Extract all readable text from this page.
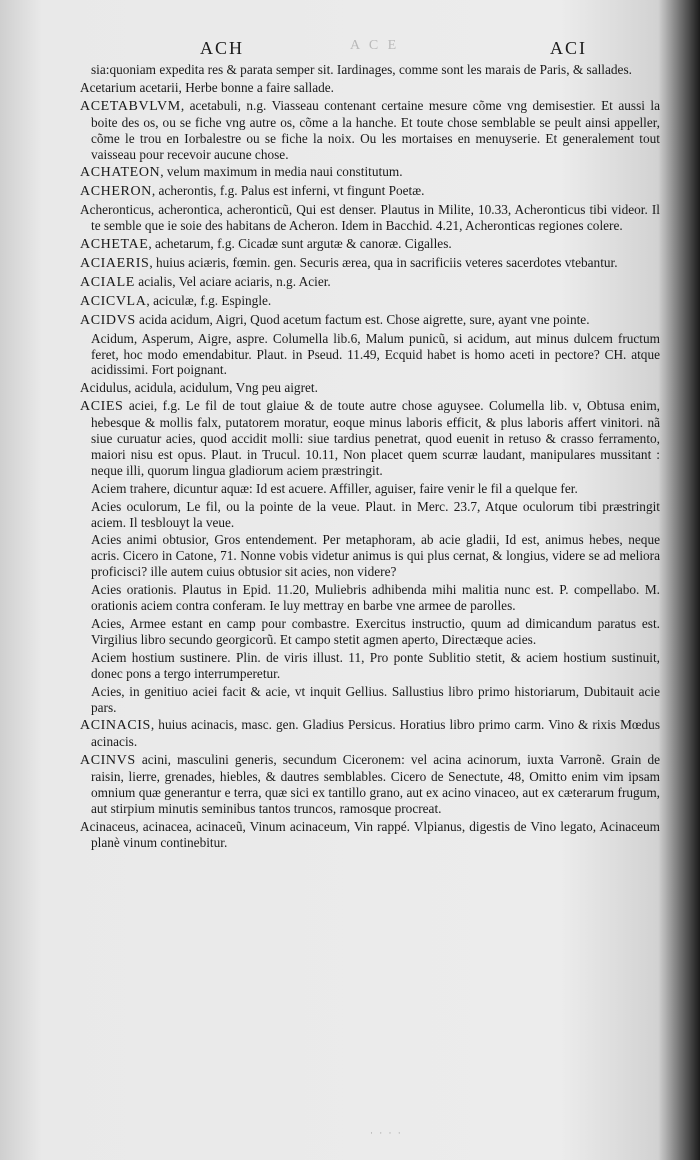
ACH	A C E	ACI

sia:quoniam expedita res & parata semper sit. Iardinages, comme sont les marais de Paris, & sallades.

Acetarium acetarii, Herbe bonne a faire sallade.

ACETABVLVM, acetabuli, n.g. Viasseau contenant certaine mesure cõme vng demisestier. Et aussi la boite des os, ou se fiche vng autre os, cõme a la hanche. Et toute chose semblable se peult ainsi appeller, cõme le trou en Iorbalestre ou se fiche la noix. Ou les mortaises en menuyserie. Et generalement tout vaisseau pour recevoir aucune chose.

ACHATEON, velum maximum in media naui constitutum.

ACHERON, acherontis, f.g. Palus est inferni, vt fingunt Poetæ.

Acheronticus, acherontica, acheronticũ, Qui est denser. Plautus in Milite, 10.33, Acheronticus tibi videor. Il te semble que ie soie des habitans de Acheron. Idem in Bacchid. 4.21, Acheronticas regiones colere.

ACHETAE, achetarum, f.g. Cicadæ sunt argutæ & canoræ. Cigalles.

ACIAERIS, huius aciæris, fœmin. gen. Securis ærea, qua in sacrificiis veteres sacerdotes vtebantur.

ACIALE acialis, Vel aciare aciaris, n.g. Acier.

ACICVLA, aciculæ, f.g. Espingle.

ACIDVS acida acidum, Aigri, Quod acetum factum est. Chose aigrette, sure, ayant vne pointe.

Acidum, Asperum, Aigre, aspre. Columella lib.6, Malum punicũ, si acidum, aut minus dulcem fructum feret, hoc modo emendabitur. Plaut. in Pseud. 11.49, Ecquid habet is homo aceti in pectore? CH. atque acidissimi. Fort poignant.

Acidulus, acidula, acidulum, Vng peu aigret.

ACIES aciei, f.g. Le fil de tout glaiue & de toute autre chose aguysee. Columella lib. v, Obtusa enim, hebesque & mollis falx, putatorem moratur, eoque minus laboris efficit, & plus laboris affert vinitori. nã siue curuatur acies, quod accidit molli: siue tardius penetrat, quod euenit in retuso & crasso ferramento, maiori nisu est opus. Plaut. in Trucul. 10.11, Non placet quem scurræ laudant, manipulares mussitant : neque illi, quorum lingua gladiorum aciem præstringit.

Aciem trahere, dicuntur aquæ: Id est acuere. Affiller, aguiser, faire venir le fil a quelque fer.

Acies oculorum, Le fil, ou la pointe de la veue. Plaut. in Merc. 23.7, Atque oculorum tibi præstringit aciem. Il tesblouyt la veue.

Acies animi obtusior, Gros entendement. Per metaphoram, ab acie gladii, Id est, animus hebes, neque acris. Cicero in Catone, 71. Nonne vobis videtur animus is qui plus cernat, & longius, videre se ad meliora proficisci? ille autem cuius obtusior sit acies, non videre?

Acies orationis. Plautus in Epid. 11.20, Muliebris adhibenda mihi malitia nunc est. P. compellabo. M. orationis aciem contra conferam. Ie luy mettray en barbe vne armee de parolles.

Acies, Armee estant en camp pour combastre. Exercitus instructio, quum ad dimicandum paratus est. Virgilius libro secundo georgicorũ. Et campo stetit agmen aperto, Directæque acies.

Aciem hostium sustinere. Plin. de viris illust. 11, Pro ponte Sublitio stetit, & aciem hostium sustinuit, donec pons a tergo interrumperetur.

Acies, in genitiuo aciei facit & acie, vt inquit Gellius. Sallustius libro primo historiarum, Dubitauit acie pars.

ACINACIS, huius acinacis, masc. gen. Gladius Persicus. Horatius libro primo carm. Vino & rixis Mœdus acinacis.

ACINVS acini, masculini generis, secundum Ciceronem: vel acina acinorum, iuxta Varronẽ. Grain de raisin, lierre, grenades, hiebles, & dautres semblables. Cicero de Senectute, 48, Omitto enim vim ipsam omnium quæ generantur e terra, quæ sici ex tantillo grano, aut ex acino vinaceo, aut ex cæterarum frugum, aut stirpium minutis seminibus tantos truncos, ramosque procreat.

Acinaceus, acinacea, acinaceũ, Vinum acinaceum, Vin rappé. Vlpianus, digestis de Vino legato, Acinaceum planè vinum continebitur.

· · · ·
